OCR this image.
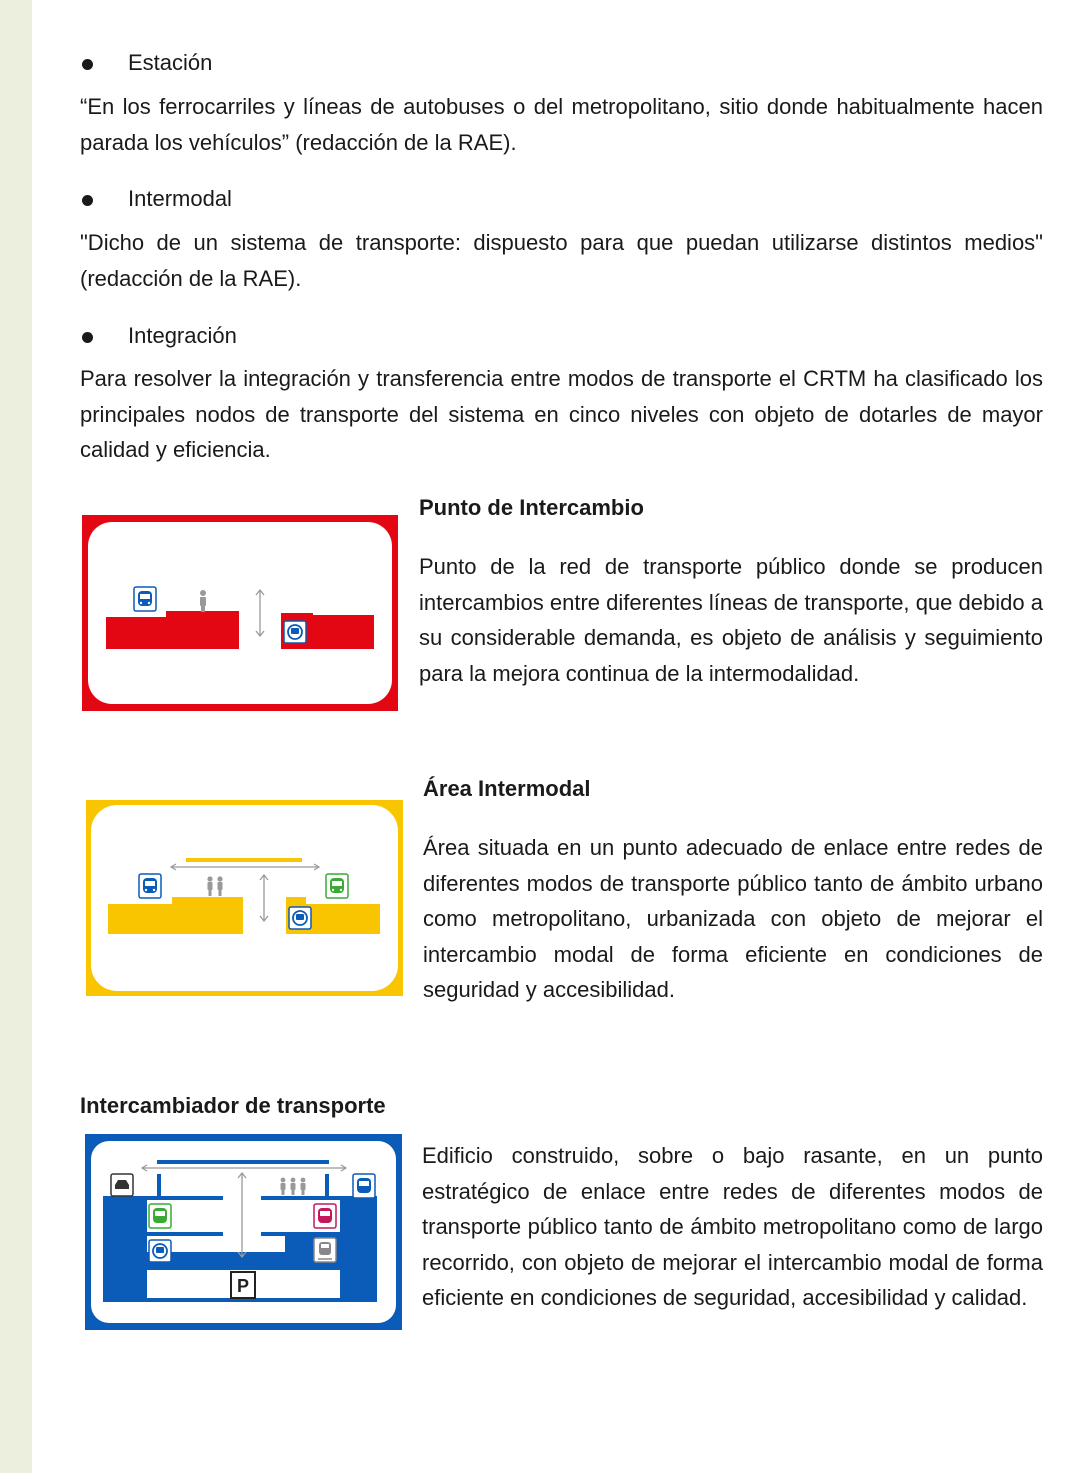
Estación
“En los ferrocarriles y líneas de autobuses o del metropolitano, sitio donde habitualmente hacen parada los vehículos” (redacción de la RAE).
Intermodal
"Dicho de un sistema de transporte: dispuesto para que puedan utilizarse distintos medios" (redacción de la RAE).
Integración
Para resolver la integración y transferencia entre modos de transporte el CRTM ha clasificado los principales nodos de transporte del sistema en cinco niveles con objeto de dotarles de mayor calidad y eficiencia.
Punto de Intercambio
Punto de la red de transporte público donde se producen intercambios entre diferentes líneas de transporte, que debido a su considerable demanda, es objeto de análisis y seguimiento para la mejora continua de la intermodalidad.
Área Intermodal
Área situada en un punto adecuado de enlace entre redes de diferentes modos de transporte público tanto de ámbito urbano como metropolitano, urbanizada con objeto de mejorar el intercambio modal de forma eficiente en condiciones de seguridad y accesibilidad.
Intercambiador de transporte
Edificio construido, sobre o bajo rasante, en un punto estratégico de enlace entre redes de diferentes modos de transporte público tanto de ámbito metropolitano como de largo recorrido, con objeto de mejorar el intercambio modal de forma eficiente en condiciones de seguridad, accesibilidad y calidad.
P
